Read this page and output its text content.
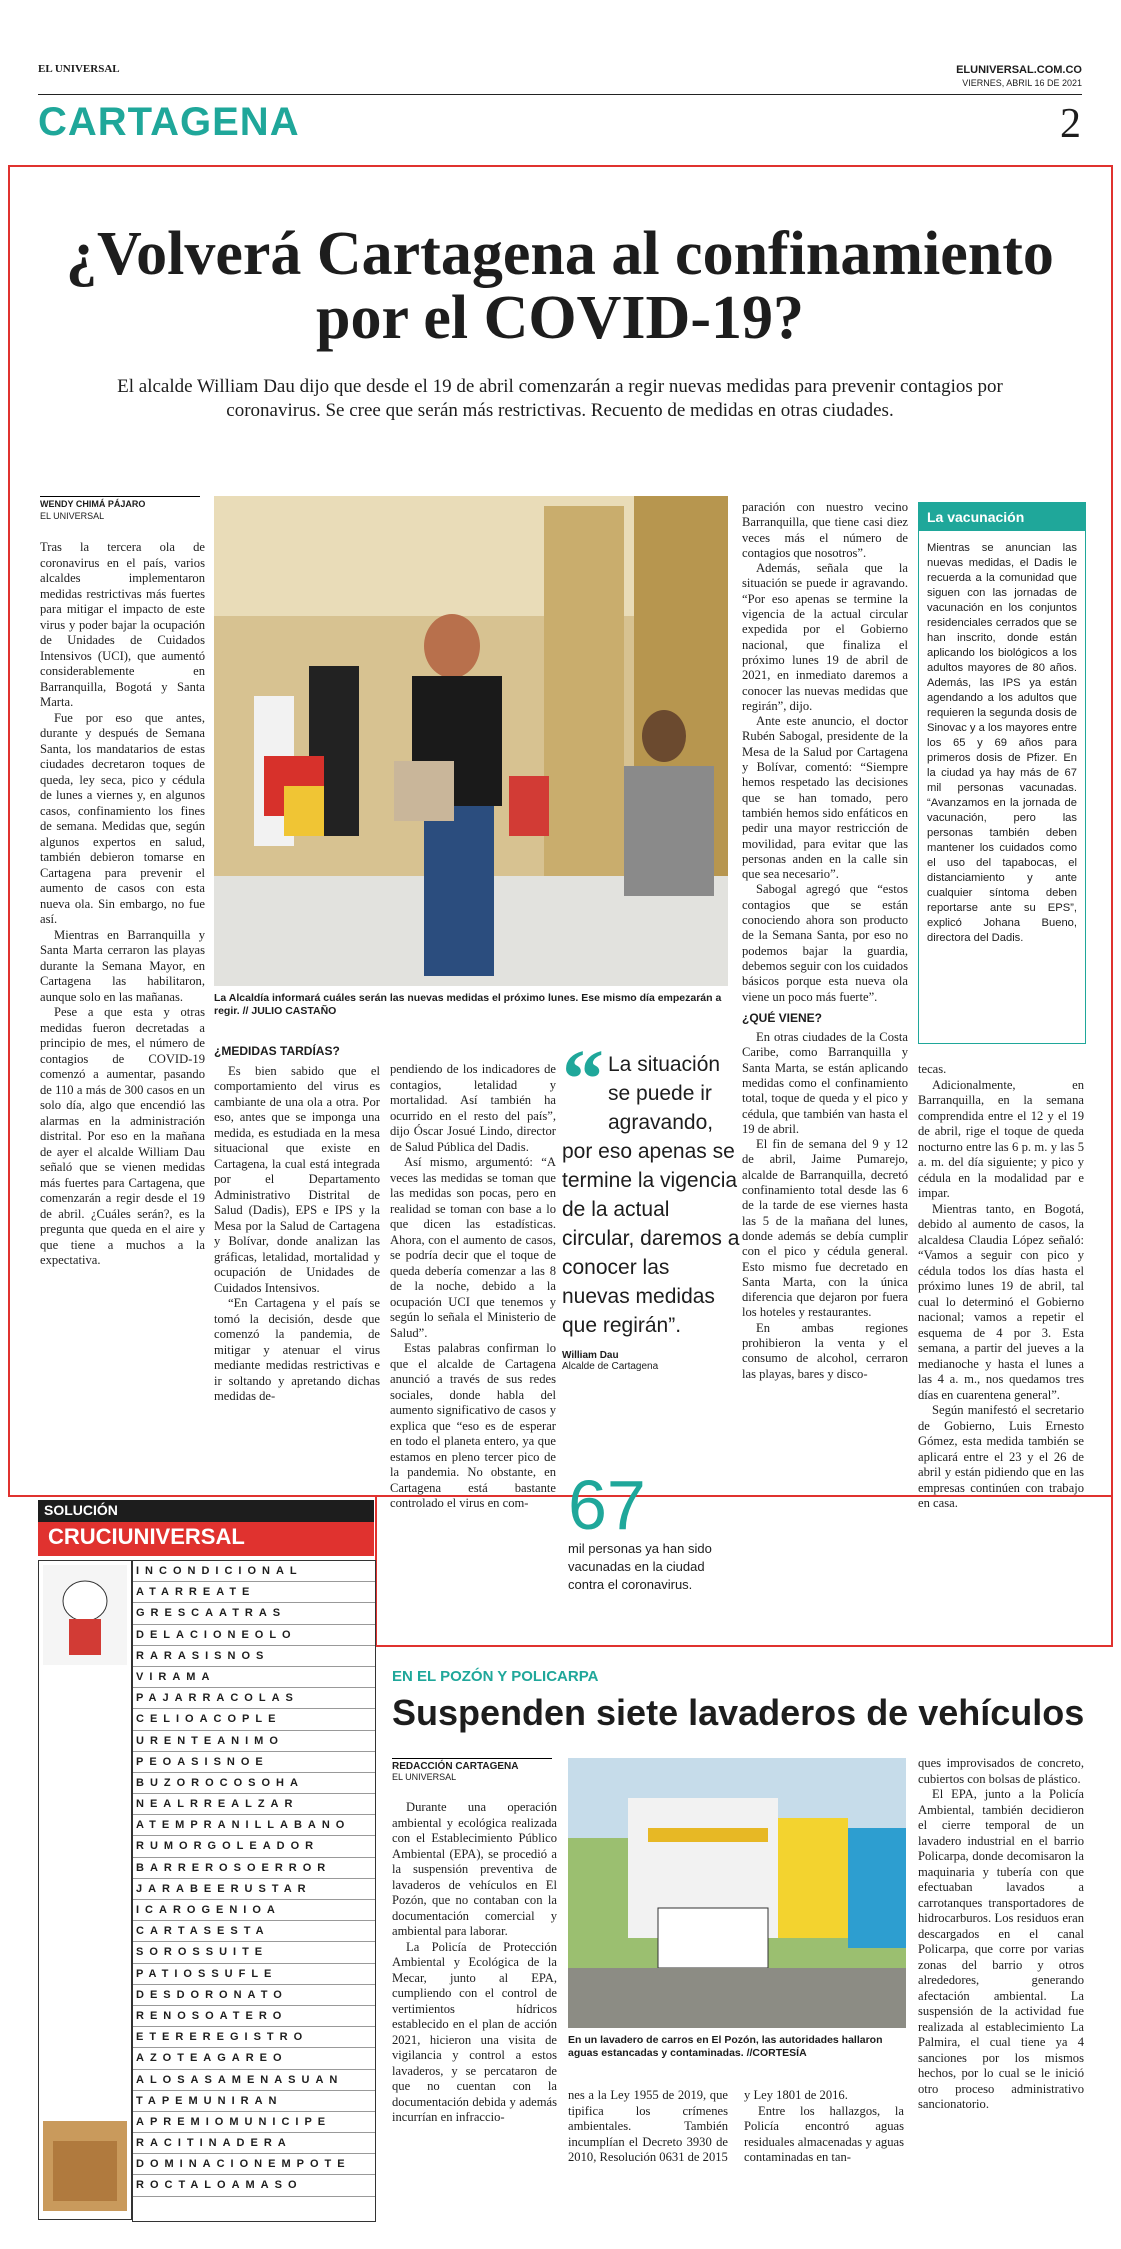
EL UNIVERSAL	ELUNIVERSAL.COM.CO
VIERNES, ABRIL 16 DE 2021
CARTAGENA	2
¿Volverá Cartagena al confinamiento por el COVID-19?
El alcalde William Dau dijo que desde el 19 de abril comenzarán a regir nuevas medidas para prevenir contagios por coronavirus. Se cree que serán más restrictivas. Recuento de medidas en otras ciudades.
WENDY CHIMÁ PÁJARO
EL UNIVERSAL

Tras la tercera ola de coronavirus en el país, varios alcaldes implementaron medidas restrictivas más fuertes para mitigar el impacto de este virus y poder bajar la ocupación de Unidades de Cuidados Intensivos (UCI), que aumentó considerablemente en Barranquilla, Bogotá y Santa Marta.

Fue por eso que antes, durante y después de Semana Santa, los mandatarios de estas ciudades decretaron toques de queda, ley seca, pico y cédula de lunes a viernes y, en algunos casos, confinamiento los fines de semana. Medidas que, según algunos expertos en salud, también debieron tomarse en Cartagena para prevenir el aumento de casos con esta nueva ola. Sin embargo, no fue así.

Mientras en Barranquilla y Santa Marta cerraron las playas durante la Semana Mayor, en Cartagena las habilitaron, aunque solo en las mañanas.

Pese a que esta y otras medidas fueron decretadas a principio de mes, el número de contagios de COVID-19 comenzó a aumentar, pasando de 110 a más de 300 casos en un solo día, algo que encendió las alarmas en la administración distrital. Por eso en la mañana de ayer el alcalde William Dau señaló que se vienen medidas más fuertes para Cartagena, que comenzarán a regir desde el 19 de abril. ¿Cuáles serán?, es la pregunta que queda en el aire y que tiene a muchos a la expectativa.

La Alcaldía informará cuáles serán las nuevas medidas el próximo lunes. Ese mismo día empezarán a regir. // JULIO CASTAÑO
¿MEDIDAS TARDÍAS?

Es bien sabido que el comportamiento del virus es cambiante de una ola a otra. Por eso, antes que se imponga una medida, es estudiada en la mesa situacional que existe en Cartagena, la cual está integrada por el Departamento Administrativo Distrital de Salud (Dadis), EPS e IPS y la Mesa por la Salud de Cartagena y Bolívar, donde analizan las gráficas, letalidad, mortalidad y ocupación de Unidades de Cuidados Intensivos.

“En Cartagena y el país se tomó la decisión, desde que comenzó la pandemia, de mitigar y atenuar el virus mediante medidas restrictivas e ir soltando y apretando dichas medidas de-

pendiendo de los indicadores de contagios, letalidad y mortalidad. Así también ha ocurrido en el resto del país”, dijo Óscar Josué Lindo, director de Salud Pública del Dadis.

Así mismo, argumentó: “A veces las medidas se toman que las medidas son pocas, pero en realidad se toman con base a lo que dicen las estadísticas. Ahora, con el aumento de casos, se podría decir que el toque de queda debería comenzar a las 8 de la noche, debido a la ocupación UCI que tenemos y según lo señala el Ministerio de Salud”.

Estas palabras confirman lo que el alcalde de Cartagena anunció a través de sus redes sociales, donde habla del aumento significativo de casos y explica que “eso es de esperar en todo el planeta entero, ya que estamos en pleno tercer pico de la pandemia. No obstante, en Cartagena está bastante controlado el virus en com-

“ La situación se puede ir agravando, por eso apenas se termine la vigencia de la actual circular, daremos a conocer las nuevas medidas que regirán”.
William Dau
Alcalde de Cartagena
67
mil personas ya han sido vacunadas en la ciudad contra el coronavirus.

paración con nuestro vecino Barranquilla, que tiene casi diez veces más el número de contagios que nosotros”.

Además, señala que la situación se puede ir agravando. “Por eso apenas se termine la vigencia de la actual circular expedida por el Gobierno nacional, que finaliza el próximo lunes 19 de abril de 2021, en inmediato daremos a conocer las nuevas medidas que regirán”, dijo.

Ante este anuncio, el doctor Rubén Sabogal, presidente de la Mesa de la Salud por Cartagena y Bolívar, comentó: “Siempre hemos respetado las decisiones que se han tomado, pero también hemos sido enfáticos en pedir una mayor restricción de movilidad, para evitar que las personas anden en la calle sin que sea necesario”.

Sabogal agregó que “estos contagios que se están conociendo ahora son producto de la Semana Santa, por eso no podemos bajar la guardia, debemos seguir con los cuidados básicos porque esta nueva ola viene un poco más fuerte”.

¿QUÉ VIENE?

En otras ciudades de la Costa Caribe, como Barranquilla y Santa Marta, se están aplicando medidas como el confinamiento total, toque de queda y el pico y cédula, que también van hasta el 19 de abril.

El fin de semana del 9 y 12 de abril, Jaime Pumarejo, alcalde de Barranquilla, decretó confinamiento total desde las 6 de la tarde de ese viernes hasta las 5 de la mañana del lunes, donde además se debía cumplir con el pico y cédula general. Esto mismo fue decretado en Santa Marta, con la única diferencia que dejaron por fuera los hoteles y restaurantes.

En ambas regiones prohibieron la venta y el consumo de alcohol, cerraron las playas, bares y disco-

La vacunación
Mientras se anuncian las nuevas medidas, el Dadis le recuerda a la comunidad que siguen con las jornadas de vacunación en los conjuntos residenciales cerrados que se han inscrito, donde están aplicando los biológicos a los adultos mayores de 80 años. Además, las IPS ya están agendando a los adultos que requieren la segunda dosis de Sinovac y a los mayores entre los 65 y 69 años para primeros dosis de Pfizer. En la ciudad ya hay más de 67 mil personas vacunadas. “Avanzamos en la jornada de vacunación, pero las personas también deben mantener los cuidados como el uso del tapabocas, el distanciamiento y ante cualquier síntoma deben reportarse ante su EPS”, explicó Johana Bueno, directora del Dadis.

tecas.

Adicionalmente, en Barranquilla, en la semana comprendida entre el 12 y el 19 de abril, rige el toque de queda nocturno entre las 6 p. m. y las 5 a. m. del día siguiente; y pico y cédula en la modalidad par e impar.

Mientras tanto, en Bogotá, debido al aumento de casos, la alcaldesa Claudia López señaló: “Vamos a seguir con pico y cédula todos los días hasta el próximo lunes 19 de abril, tal cual lo determinó el Gobierno nacional; vamos a repetir el esquema de 4 por 3. Esta semana, a partir del jueves a la medianoche y hasta el lunes a las 4 a. m., nos quedamos tres días en cuarentena general”.

Según manifestó el secretario de Gobierno, Luis Ernesto Gómez, esta medida también se aplicará entre el 23 y el 26 de abril y están pidiendo que en las empresas continúen con trabajo en casa.

SOLUCIÓN
CRUCIUNIVERSAL
INCONDICIONAL
ATARREATE
GRESCAATRAS
DELACIONEOLO
RARASISNOS
VIRAMA
PAJARRACOLAS
CELIOACOPLE
URENTEANIMO
PEOASISNOE
BUZOROCOSOHA
NEALRREALZAR
ATEMPRANILLABANO
RUMORGOLEADOR
BARREROSOERROR
JARABEERUSTAR
ICAROGENIOA
CARTASESTA
SOROSSUITE
PATIOSSUFLE
DESDORONATO
RENOSOATERO
ETEREREGISTRO
AZOTEAGAREO
ALOSASAMENASUAN
TAPEMUNIRAN
APREMIOMUNICIPE
RACITINADERA
DOMINACIONEMPOTE
ROCTALOAMASO
EN EL POZÓN Y POLICARPA
Suspenden siete lavaderos de vehículos
REDACCIÓN CARTAGENA
EL UNIVERSAL

Durante una operación ambiental y ecológica realizada con el Establecimiento Público Ambiental (EPA), se procedió a la suspensión preventiva de lavaderos de vehículos en El Pozón, que no contaban con la documentación comercial y ambiental para laborar.

La Policía de Protección Ambiental y Ecológica de la Mecar, junto al EPA, cumpliendo con el control de vertimientos hídricos establecido en el plan de acción 2021, hicieron una visita de vigilancia y control a estos lavaderos, y se percataron de que no cuentan con la documentación debida y además incurrían en infraccio-

En un lavadero de carros en El Pozón, las autoridades hallaron aguas estancadas y contaminadas. //CORTESÍA

nes a la Ley 1955 de 2019, que tipifica los crímenes ambientales. También incumplían el Decreto 3930 de 2010, Resolución 0631 de 2015

y Ley 1801 de 2016.

Entre los hallazgos, la Policía encontró aguas residuales almacenadas y aguas contaminadas en tan-

ques improvisados de concreto, cubiertos con bolsas de plástico.

El EPA, junto a la Policía Ambiental, también decidieron el cierre temporal de un lavadero industrial en el barrio Policarpa, donde decomisaron la maquinaria y tubería con que efectuaban lavados a carrotanques transportadores de hidrocarburos. Los residuos eran descargados en el canal Policarpa, que corre por varias zonas del barrio y otros alrededores, generando afectación ambiental. La suspensión de la actividad fue realizada al establecimiento La Palmira, el cual tiene ya 4 sanciones por los mismos hechos, por lo cual se le inició otro proceso administrativo sancionatorio.
